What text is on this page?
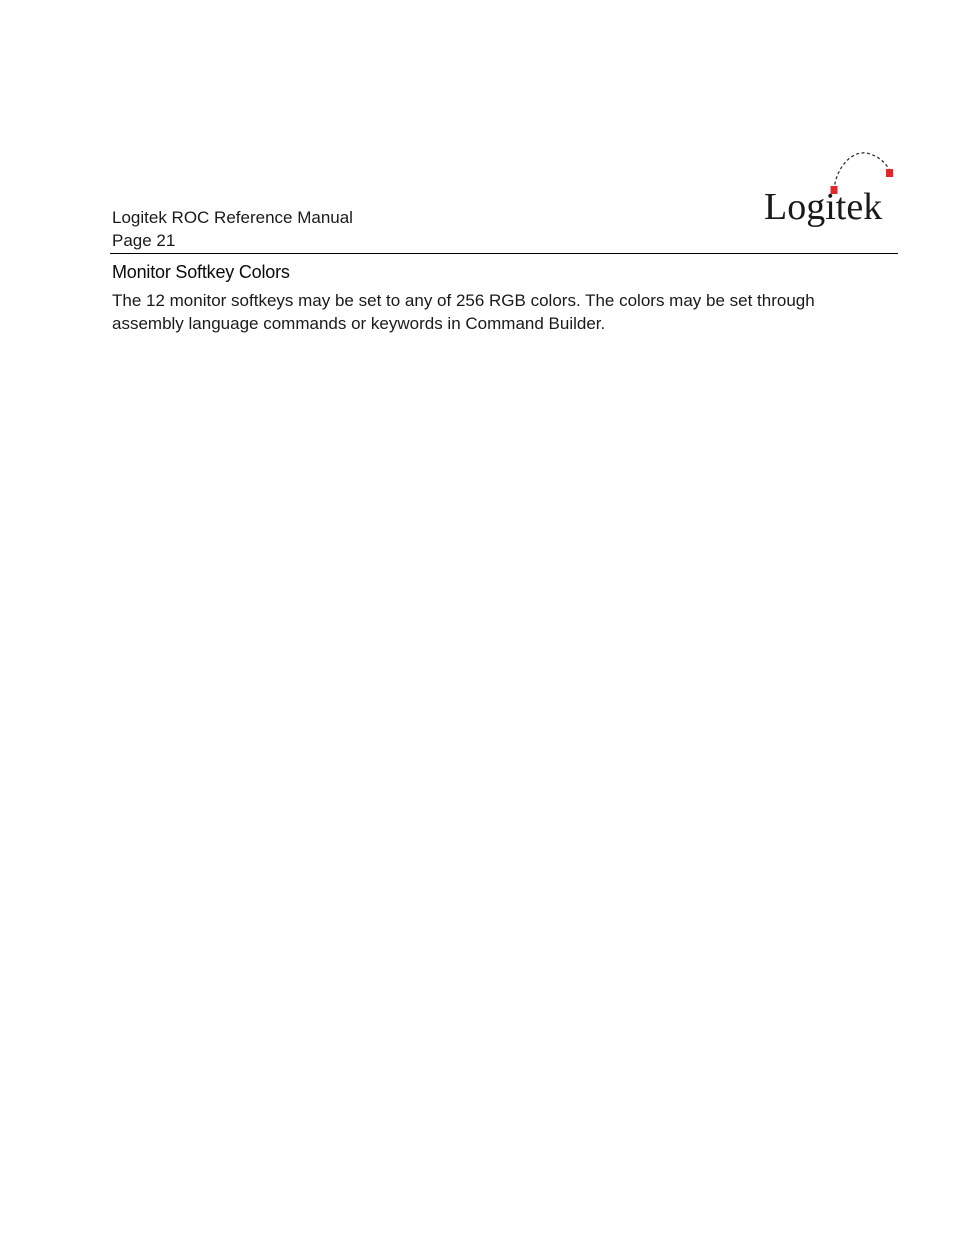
Logitek ROC Reference Manual
Page 21
Logitek
Monitor Softkey Colors
The 12 monitor softkeys may be set to any of 256 RGB colors. The colors may be set through
assembly language commands or keywords in Command Builder.
